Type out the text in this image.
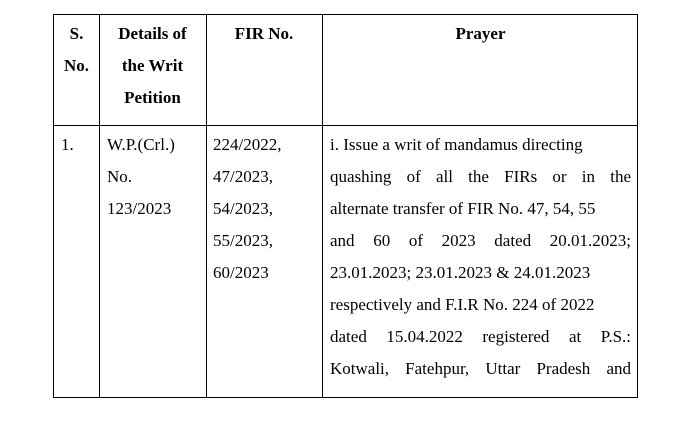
S.
No.
Details of
the Writ
Petition
FIR No.	Prayer
1. W.P.(Crl.)
No.
123/2023
224/2022,
47/2023,
54/2023,
55/2023,
60/2023
i. Issue a writ of mandamus directing
quashing of all the FIRs or in the
alternate transfer of FIR No. 47, 54, 55
and 60 of 2023 dated 20.01.2023;
23.01.2023; 23.01.2023 & 24.01.2023
respectively and F.I.R No. 224 of 2022
dated 15.04.2022 registered at P.S.:
Kotwali, Fatehpur, Uttar Pradesh and
